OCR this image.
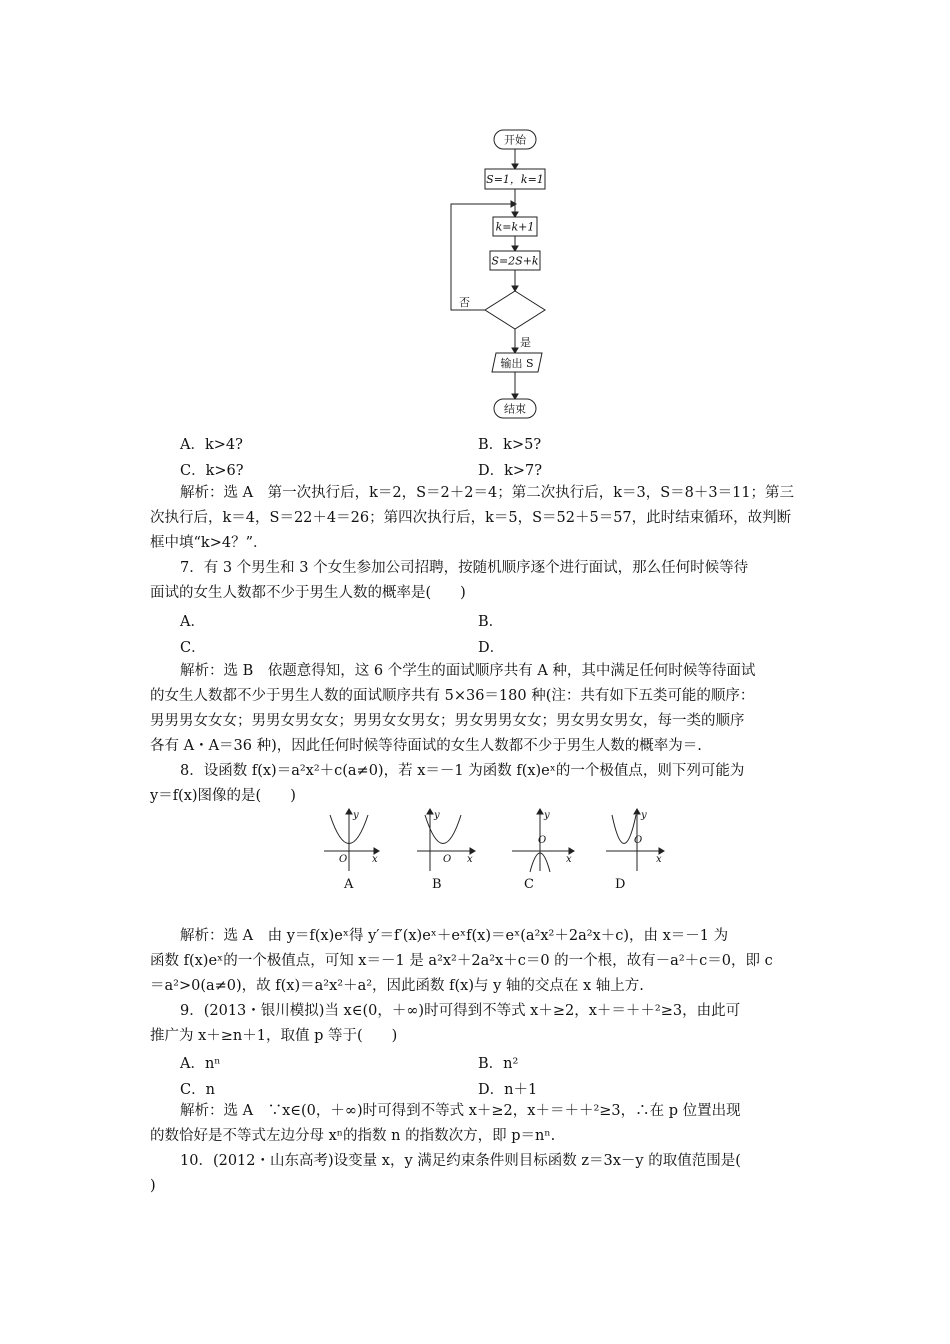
开始
S=1，k=1
k=k+1
S=2S+k
否
是
输出 S
结束
A．k>4?	B．k>5?
C．k>6?	D．k>7?
解析：选 A　第一次执行后，k＝2，S＝2＋2＝4；第二次执行后，k＝3，S＝8＋3＝11；第三
次执行后，k＝4，S＝22＋4＝26；第四次执行后，k＝5，S＝52＋5＝57，此时结束循环，故判断
框中填“k>4？”．
7．有 3 个男生和 3 个女生参加公司招聘，按随机顺序逐个进行面试，那么任何时候等待
面试的女生人数都不少于男生人数的概率是(　　)
A．	B．
C．	D．
解析：选 B　依题意得知，这 6 个学生的面试顺序共有 A 种，其中满足任何时候等待面试
的女生人数都不少于男生人数的面试顺序共有 5×36＝180 种(注：共有如下五类可能的顺序：
男男男女女女；男男女男女女；男男女女男女；男女男男女女；男女男女男女，每一类的顺序
各有 A・A＝36 种)，因此任何时候等待面试的女生人数都不少于男生人数的概率为＝.
8．设函数 f(x)＝a²x²＋c(a≠0)，若 x＝－1 为函数 f(x)eˣ的一个极值点，则下列可能为
y＝f(x)图像的是(　　)
y
x
O
y
x
O
y
x
O
y
x
O
A	B	C	D
解析：选 A　由 y＝f(x)eˣ得 y′＝f′(x)eˣ＋eˣf(x)＝eˣ(a²x²＋2a²x＋c)，由 x＝－1 为
函数 f(x)eˣ的一个极值点，可知 x＝－1 是 a²x²＋2a²x＋c＝0 的一个根，故有－a²＋c＝0，即 c
＝a²>0(a≠0)，故 f(x)＝a²x²＋a²，因此函数 f(x)与 y 轴的交点在 x 轴上方.
9．(2013・银川模拟)当 x∈(0，＋∞)时可得到不等式 x＋≥2，x＋＝＋＋²≥3，由此可
推广为 x＋≥n＋1，取值 p 等于(　　)
A．nⁿ	B．n²
C．n	D．n＋1
解析：选 A　∵x∈(0，＋∞)时可得到不等式 x＋≥2，x＋＝＋＋²≥3，∴在 p 位置出现
的数恰好是不等式左边分母 xⁿ的指数 n 的指数次方，即 p＝nⁿ.
10．(2012・山东高考)设变量 x，y 满足约束条件则目标函数 z＝3x－y 的取值范围是(
)
